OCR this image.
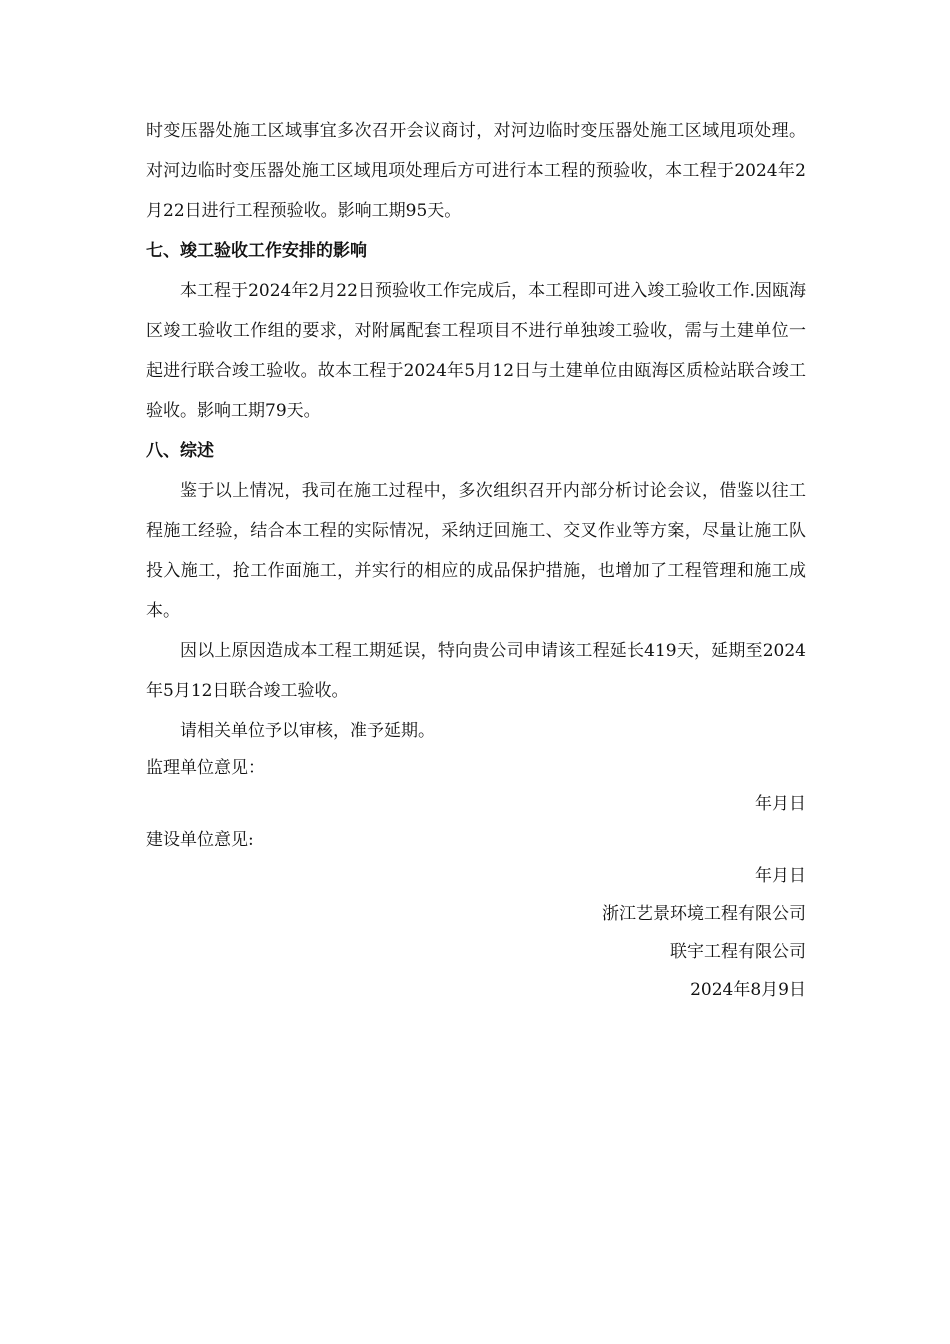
时变压器处施工区域事宜多次召开会议商讨，对河边临时变压器处施工区域甩项处理。对河边临时变压器处施工区域甩项处理后方可进行本工程的预验收，本工程于2024年2月22日进行工程预验收。影响工期95天。

七、竣工验收工作安排的影响

本工程于2024年2月22日预验收工作完成后，本工程即可进入竣工验收工作.因瓯海区竣工验收工作组的要求，对附属配套工程项目不进行单独竣工验收，需与土建单位一起进行联合竣工验收。故本工程于2024年5月12日与土建单位由瓯海区质检站联合竣工验收。影响工期79天。

八、综述

鉴于以上情况，我司在施工过程中，多次组织召开内部分析讨论会议，借鉴以往工程施工经验，结合本工程的实际情况，采纳迂回施工、交叉作业等方案，尽量让施工队投入施工，抢工作面施工，并实行的相应的成品保护措施，也增加了工程管理和施工成本。

因以上原因造成本工程工期延误，特向贵公司申请该工程延长419天，延期至2024年5月12日联合竣工验收。

请相关单位予以审核，准予延期。

监理单位意见：

年月日

建设单位意见:

年月日

浙江艺景环境工程有限公司

联宇工程有限公司

2024年8月9日
